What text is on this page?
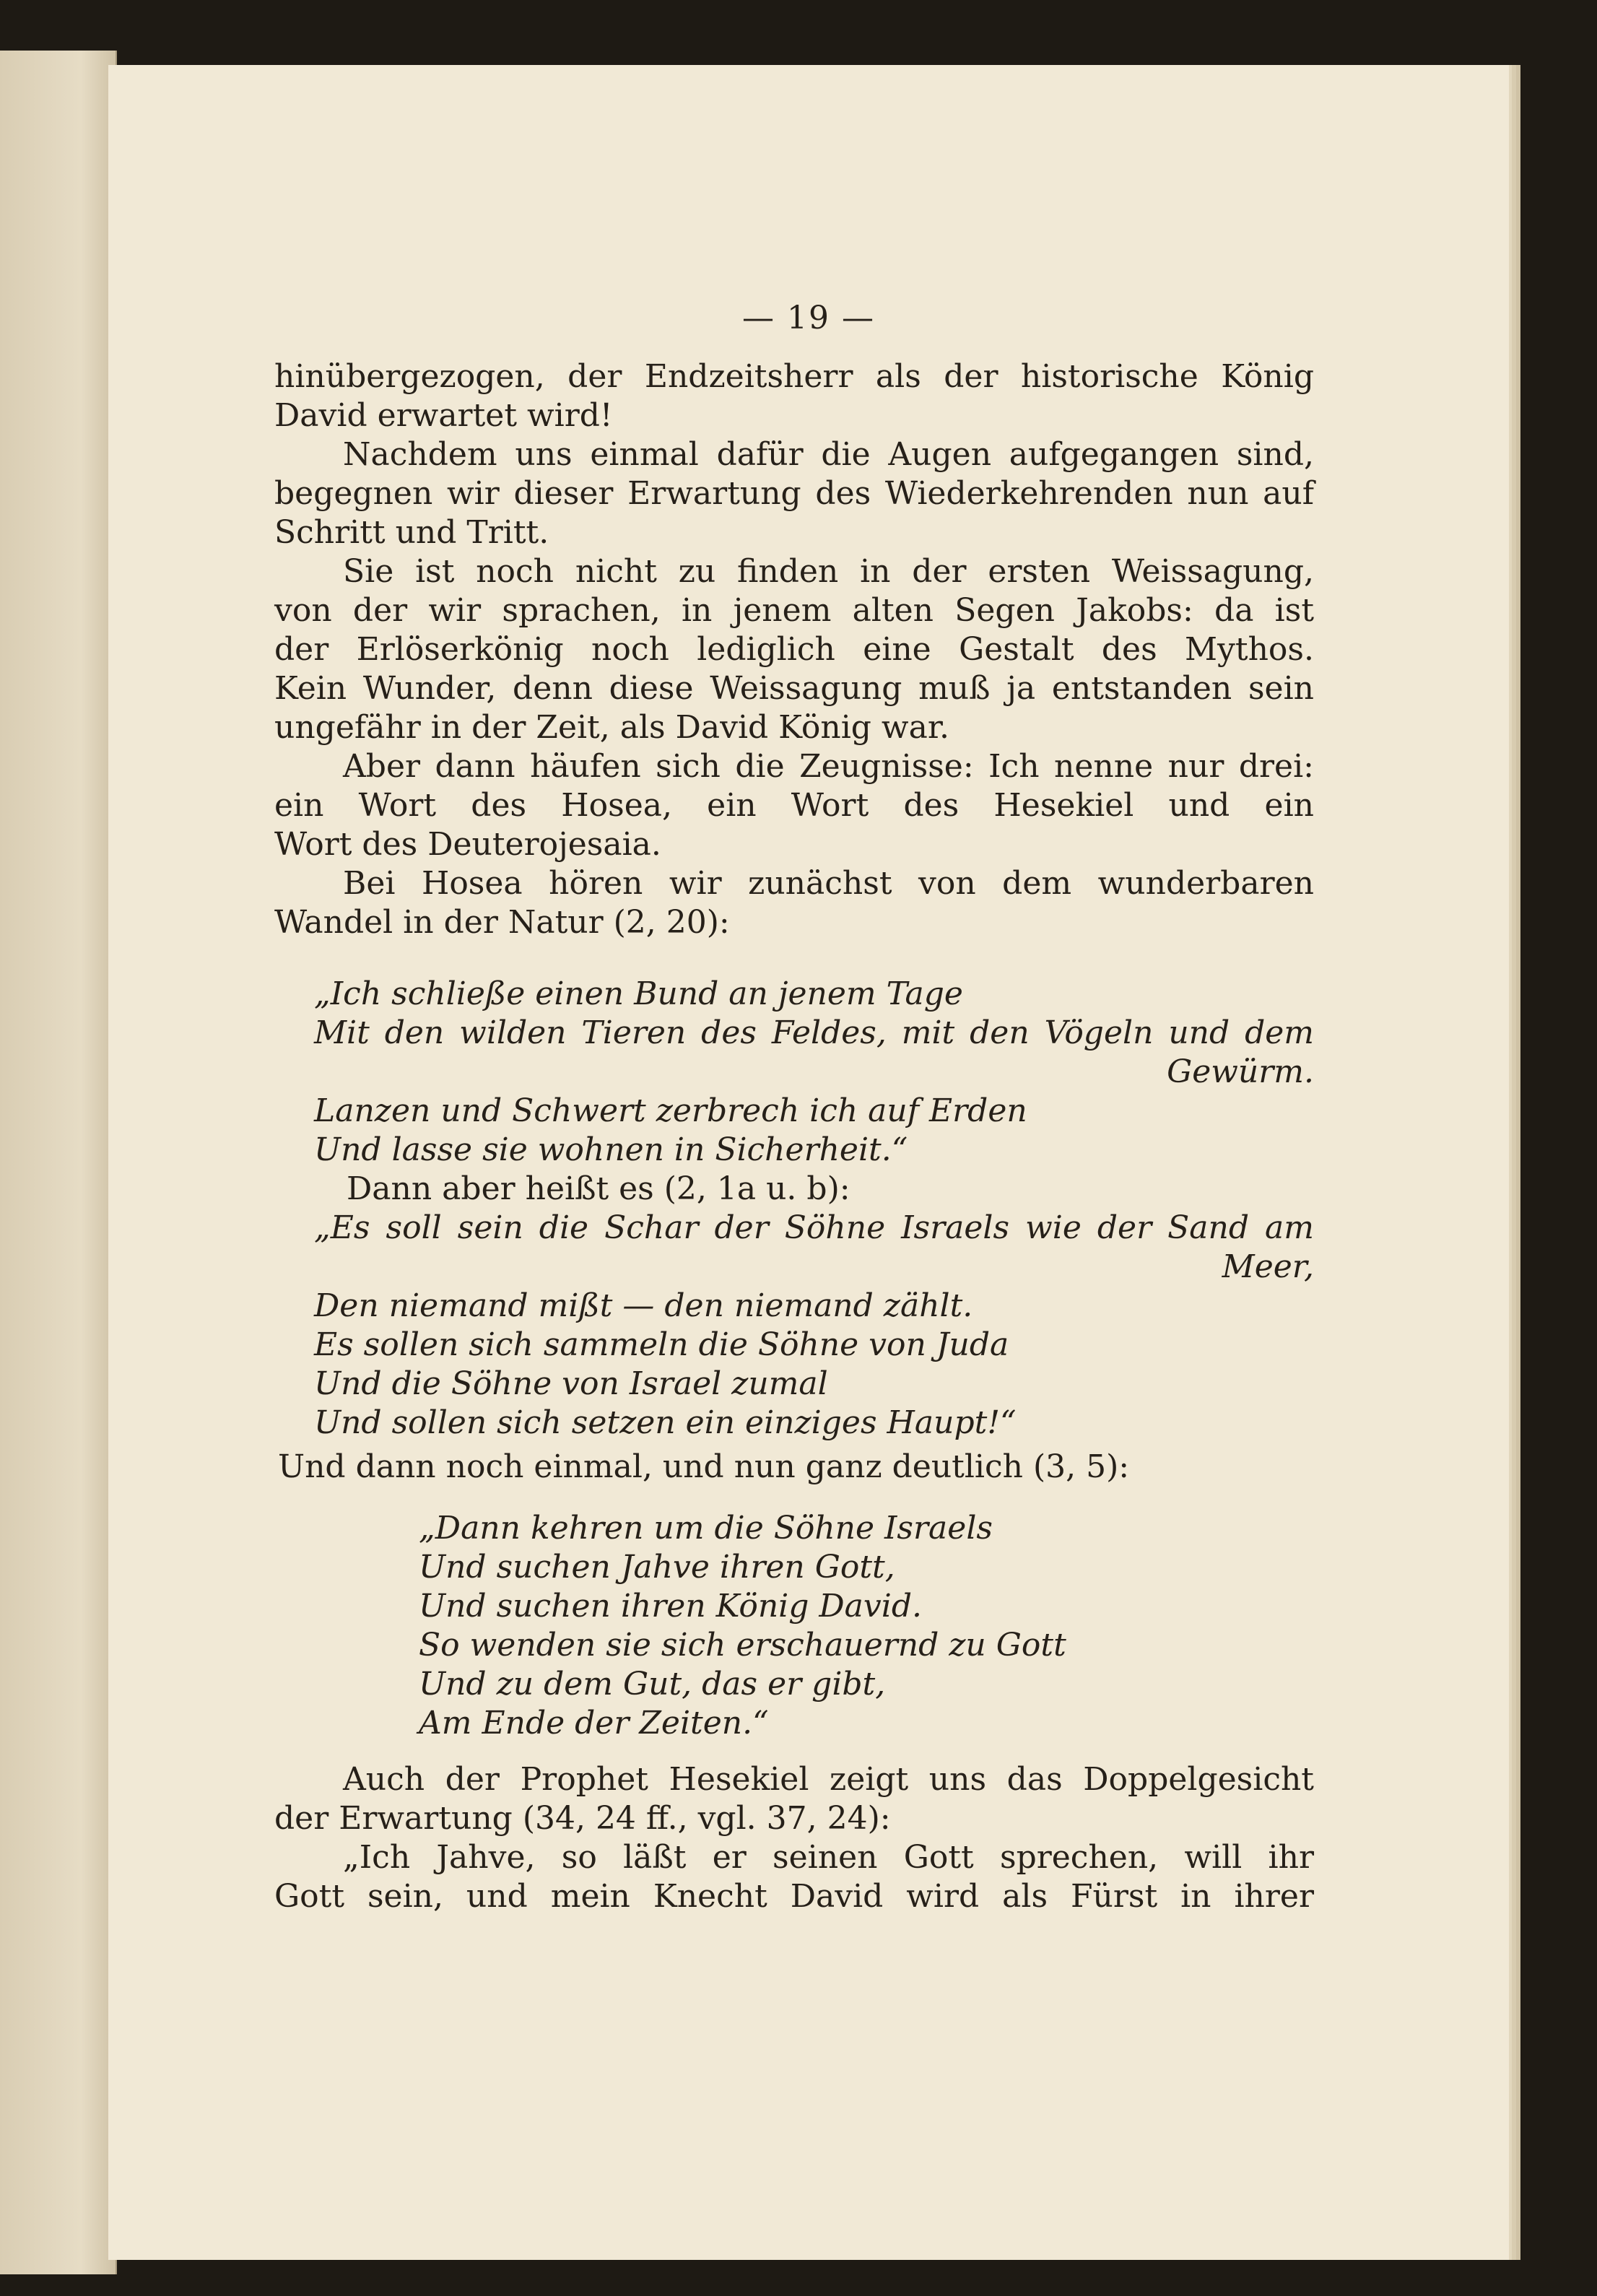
— 19 —
hinübergezogen, der Endzeitsherr als der historische König
David erwartet wird!
Nachdem uns einmal dafür die Augen aufgegangen sind,
begegnen wir dieser Erwartung des Wiederkehrenden nun auf
Schritt und Tritt.
Sie ist noch nicht zu finden in der ersten Weissagung,
von der wir sprachen, in jenem alten Segen Jakobs: da ist
der Erlöserkönig noch lediglich eine Gestalt des Mythos.
Kein Wunder, denn diese Weissagung muß ja entstanden sein
ungefähr in der Zeit, als David König war.
Aber dann häufen sich die Zeugnisse: Ich nenne nur drei:
ein Wort des Hosea, ein Wort des Hesekiel und ein
Wort des Deuterojesaia.
Bei Hosea hören wir zunächst von dem wunderbaren
Wandel in der Natur (2, 20):
„Ich schließe einen Bund an jenem Tage
Mit den wilden Tieren des Feldes, mit den Vögeln und dem
Gewürm.
Lanzen und Schwert zerbrech ich auf Erden
Und lasse sie wohnen in Sicherheit.“
Dann aber heißt es (2, 1a u. b):
„Es soll sein die Schar der Söhne Israels wie der Sand am
Meer,
Den niemand mißt — den niemand zählt.
Es sollen sich sammeln die Söhne von Juda
Und die Söhne von Israel zumal
Und sollen sich setzen ein einziges Haupt!“
Und dann noch einmal, und nun ganz deutlich (3, 5):
„Dann kehren um die Söhne Israels
Und suchen Jahve ihren Gott,
Und suchen ihren König David.
So wenden sie sich erschauernd zu Gott
Und zu dem Gut, das er gibt,
Am Ende der Zeiten.“
Auch der Prophet Hesekiel zeigt uns das Doppelgesicht
der Erwartung (34, 24 ff., vgl. 37, 24):
„Ich Jahve, so läßt er seinen Gott sprechen, will ihr
Gott sein, und mein Knecht David wird als Fürst in ihrer
